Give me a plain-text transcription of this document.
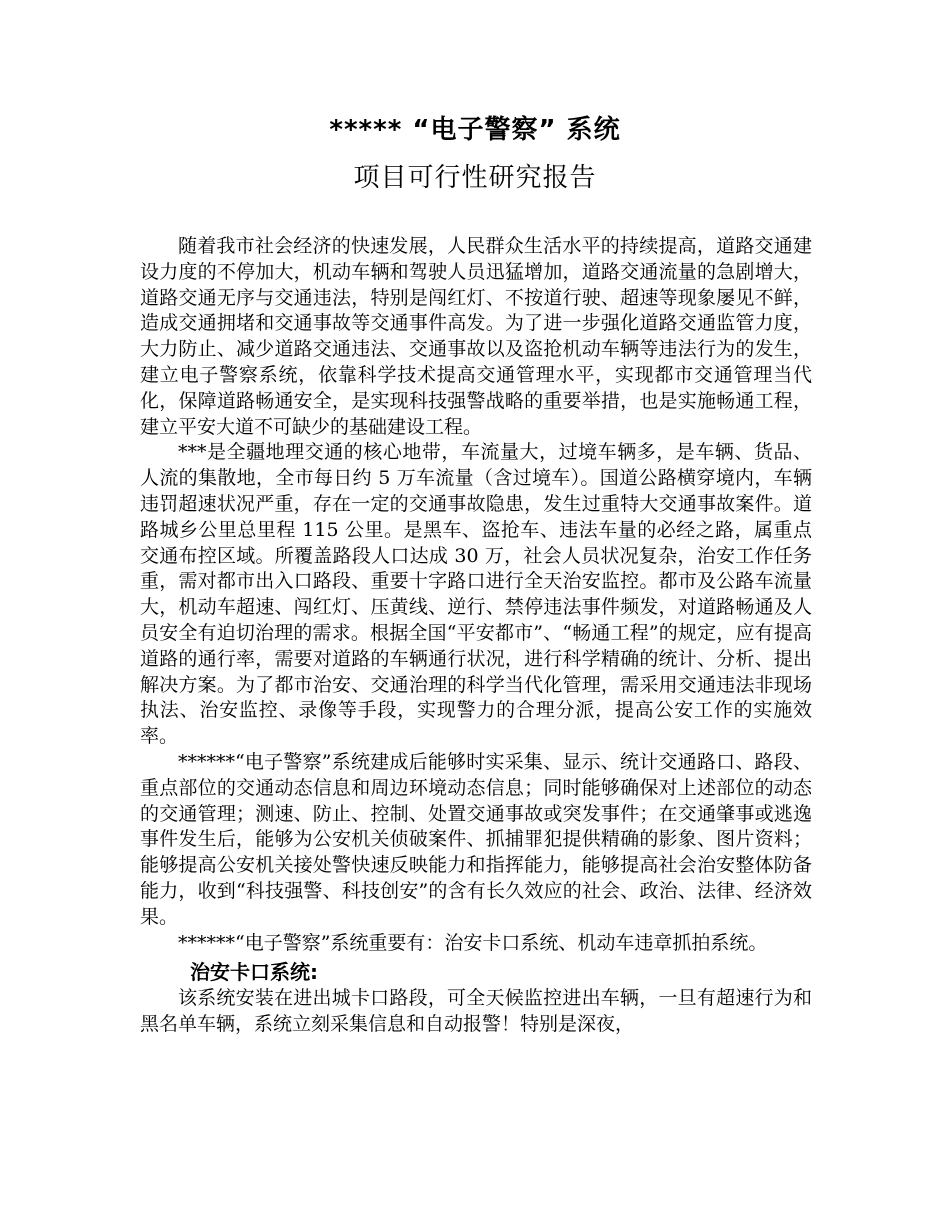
***** “电子警察” 系统
项目可行性研究报告

随着我市社会经济的快速发展，人民群众生活水平的持续提高，道路交通建设力度的不停加大，机动车辆和驾驶人员迅猛增加，道路交通流量的急剧增大，道路交通无序与交通违法，特别是闯红灯、不按道行驶、超速等现象屡见不鲜，造成交通拥堵和交通事故等交通事件高发。为了进一步强化道路交通监管力度，大力防止、减少道路交通违法、交通事故以及盗抢机动车辆等违法行为的发生，建立电子警察系统，依靠科学技术提高交通管理水平，实现都市交通管理当代化，保障道路畅通安全，是实现科技强警战略的重要举措，也是实施畅通工程，建立平安大道不可缺少的基础建设工程。

***是全疆地理交通的核心地带，车流量大，过境车辆多，是车辆、货品、人流的集散地，全市每日约 5 万车流量（含过境车）。国道公路横穿境内，车辆违罚超速状况严重，存在一定的交通事故隐患，发生过重特大交通事故案件。道路城乡公里总里程 115 公里。是黑车、盗抢车、违法车量的必经之路，属重点交通布控区域。所覆盖路段人口达成 30 万，社会人员状况复杂，治安工作任务重，需对都市出入口路段、重要十字路口进行全天治安监控。都市及公路车流量大，机动车超速、闯红灯、压黄线、逆行、禁停违法事件频发，对道路畅通及人员安全有迫切治理的需求。根据全国“平安都市”、“畅通工程”的规定，应有提高道路的通行率，需要对道路的车辆通行状况，进行科学精确的统计、分析、提出解决方案。为了都市治安、交通治理的科学当代化管理，需采用交通违法非现场执法、治安监控、录像等手段，实现警力的合理分派，提高公安工作的实施效率。

******“电子警察”系统建成后能够时实采集、显示、统计交通路口、路段、重点部位的交通动态信息和周边环境动态信息；同时能够确保对上述部位的动态的交通管理；测速、防止、控制、处置交通事故或突发事件；在交通肇事或逃逸事件发生后，能够为公安机关侦破案件、抓捕罪犯提供精确的影象、图片资料；能够提高公安机关接处警快速反映能力和指挥能力，能够提高社会治安整体防备能力，收到“科技强警、科技创安”的含有长久效应的社会、政治、法律、经济效果。

******“电子警察”系统重要有：治安卡口系统、机动车违章抓拍系统。

治安卡口系统:

该系统安装在进出城卡口路段，可全天候监控进出车辆，一旦有超速行为和黑名单车辆，系统立刻采集信息和自动报警！特别是深夜，
